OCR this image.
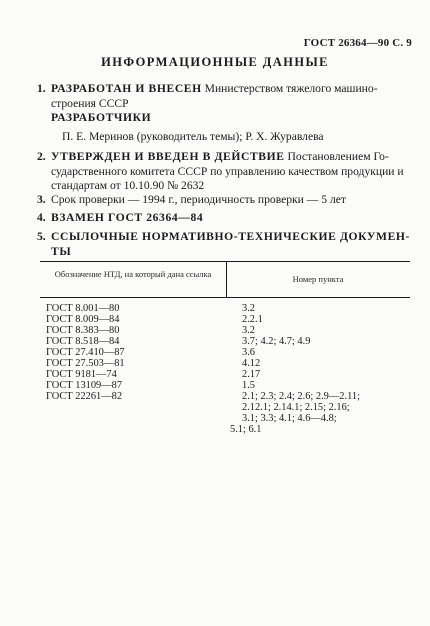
ГОСТ 26364—90 С. 9
ИНФОРМАЦИОННЫЕ ДАННЫЕ
1. РАЗРАБОТАН И ВНЕСЕН Министерством тяжелого машиностроения СССР
РАЗРАБОТЧИКИ
П. Е. Меринов (руководитель темы); Р. Х. Журавлева
2. УТВЕРЖДЕН И ВВЕДЕН В ДЕЙСТВИЕ Постановлением Государственного комитета СССР по управлению качеством продукции и стандартам от 10.10.90 № 2632
3. Срок проверки — 1994 г., периодичность проверки — 5 лет
4. ВЗАМЕН ГОСТ 26364—84
5. ССЫЛОЧНЫЕ НОРМАТИВНО-ТЕХНИЧЕСКИЕ ДОКУМЕНТЫ
Обозначение НТД, на который дана ссылка	Номер пункта
ГОСТ 8.001—80	3.2
ГОСТ 8.009—84	2.2.1
ГОСТ 8.383—80	3.2
ГОСТ 8.518—84	3.7; 4.2; 4.7; 4.9
ГОСТ 27.410—87	3.6
ГОСТ 27.503—81	4.12
ГОСТ 9181—74	2.17
ГОСТ 13109—87	1.5
ГОСТ 22261—82	2.1; 2.3; 2.4; 2.6; 2.9—2.11;
2.12.1; 2.14.1; 2.15; 2.16;
3.1; 3.3; 4.1; 4.6—4.8;
5.1; 6.1
